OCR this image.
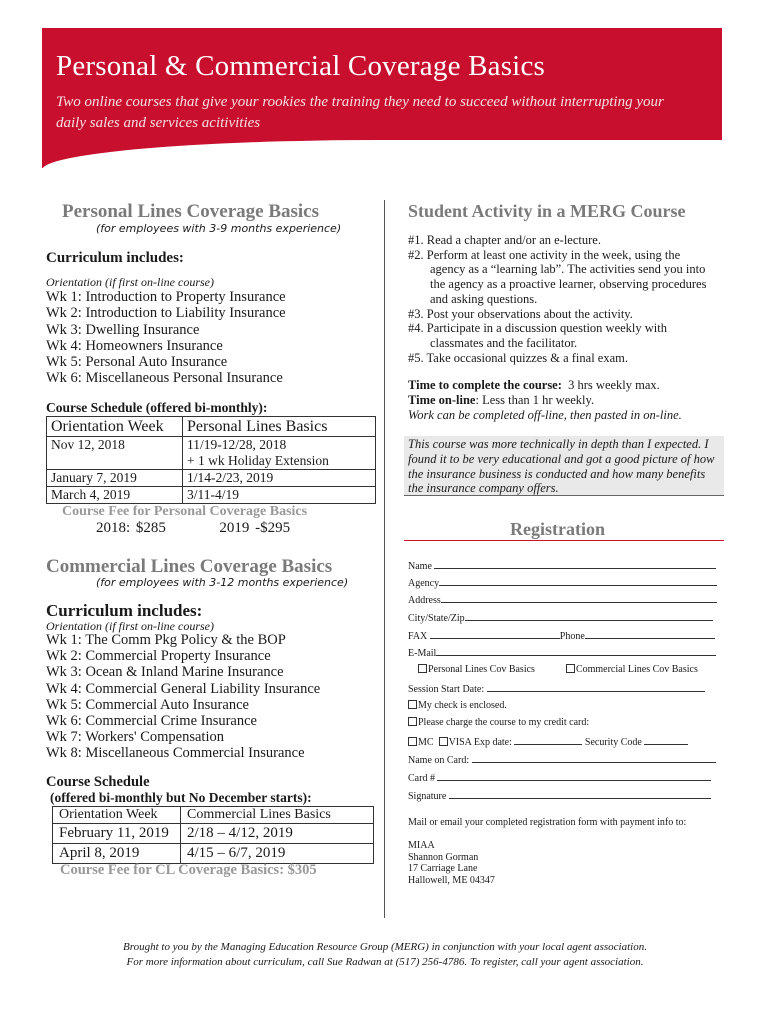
Personal & Commercial Coverage Basics
Two online courses that give your rookies the training they need to succeed without interrupting your daily sales and services acitivities
Personal Lines Coverage Basics
(for employees with 3-9 months experience)
Curriculum includes:
Orientation (if first on-line course)
Wk 1: Introduction to Property Insurance
Wk 2: Introduction to Liability Insurance
Wk 3: Dwelling Insurance
Wk 4: Homeowners Insurance
Wk 5: Personal Auto Insurance
Wk 6: Miscellaneous Personal Insurance
Course Schedule (offered bi-monthly):
Orientation Week	Personal Lines Basics
Nov 12, 2018	11/19-12/28, 2018
+ 1 wk Holiday Extension

January 7, 2019	1/14-2/23, 2019
March 4, 2019	3/11-4/19
Course Fee for Personal Coverage Basics
2018: $285	2019 -$295
Commercial Lines Coverage Basics
(for employees with 3-12 months experience)
Curriculum includes:
Orientation (if first on-line course)
Wk 1: The Comm Pkg Policy & the BOP
Wk 2: Commercial Property Insurance
Wk 3: Ocean & Inland Marine Insurance
Wk 4: Commercial General Liability Insurance
Wk 5: Commercial Auto Insurance
Wk 6: Commercial Crime Insurance
Wk 7: Workers' Compensation
Wk 8: Miscellaneous Commercial Insurance
Course Schedule
(offered bi-monthly but No December starts):
Orientation Week	Commercial Lines Basics
February 11, 2019	2/18 – 4/12, 2019
April 8, 2019	4/15 – 6/7, 2019
Course Fee for CL Coverage Basics: $305
Student Activity in a MERG Course
#1. Read a chapter and/or an e-lecture.
#2. Perform at least one activity in the week, using the agency as a “learning lab”. The activities send you into the agency as a proactive learner, observing procedures and asking questions.
#3. Post your observations about the activity.
#4. Participate in a discussion question weekly with classmates and the facilitator.
#5. Take occasional quizzes & a final exam.
Time to complete the course: 3 hrs weekly max.
Time on-line: Less than 1 hr weekly.
Work can be completed off-line, then pasted in on-line.
This course was more technically in depth than I expected. I found it to be very educational and got a good picture of how the insurance business is conducted and how many benefits the insurance company offers.
Registration
Name
Agency
Address
City/State/Zip
FAX	Phone
E-Mail
Personal Lines Cov Basics	Commercial Lines Cov Basics
Session Start Date:
My check is enclosed.
Please charge the course to my credit card:
MC VISA Exp date:	Security Code
Name on Card:
Card #
Signature
Mail or email your completed registration form with payment info to:
MIAA
Shannon Gorman
17 Carriage Lane
Hallowell, ME 04347
Brought to you by the Managing Education Resource Group (MERG) in conjunction with your local agent association.
For more information about curriculum, call Sue Radwan at (517) 256-4786. To register, call your agent association.
